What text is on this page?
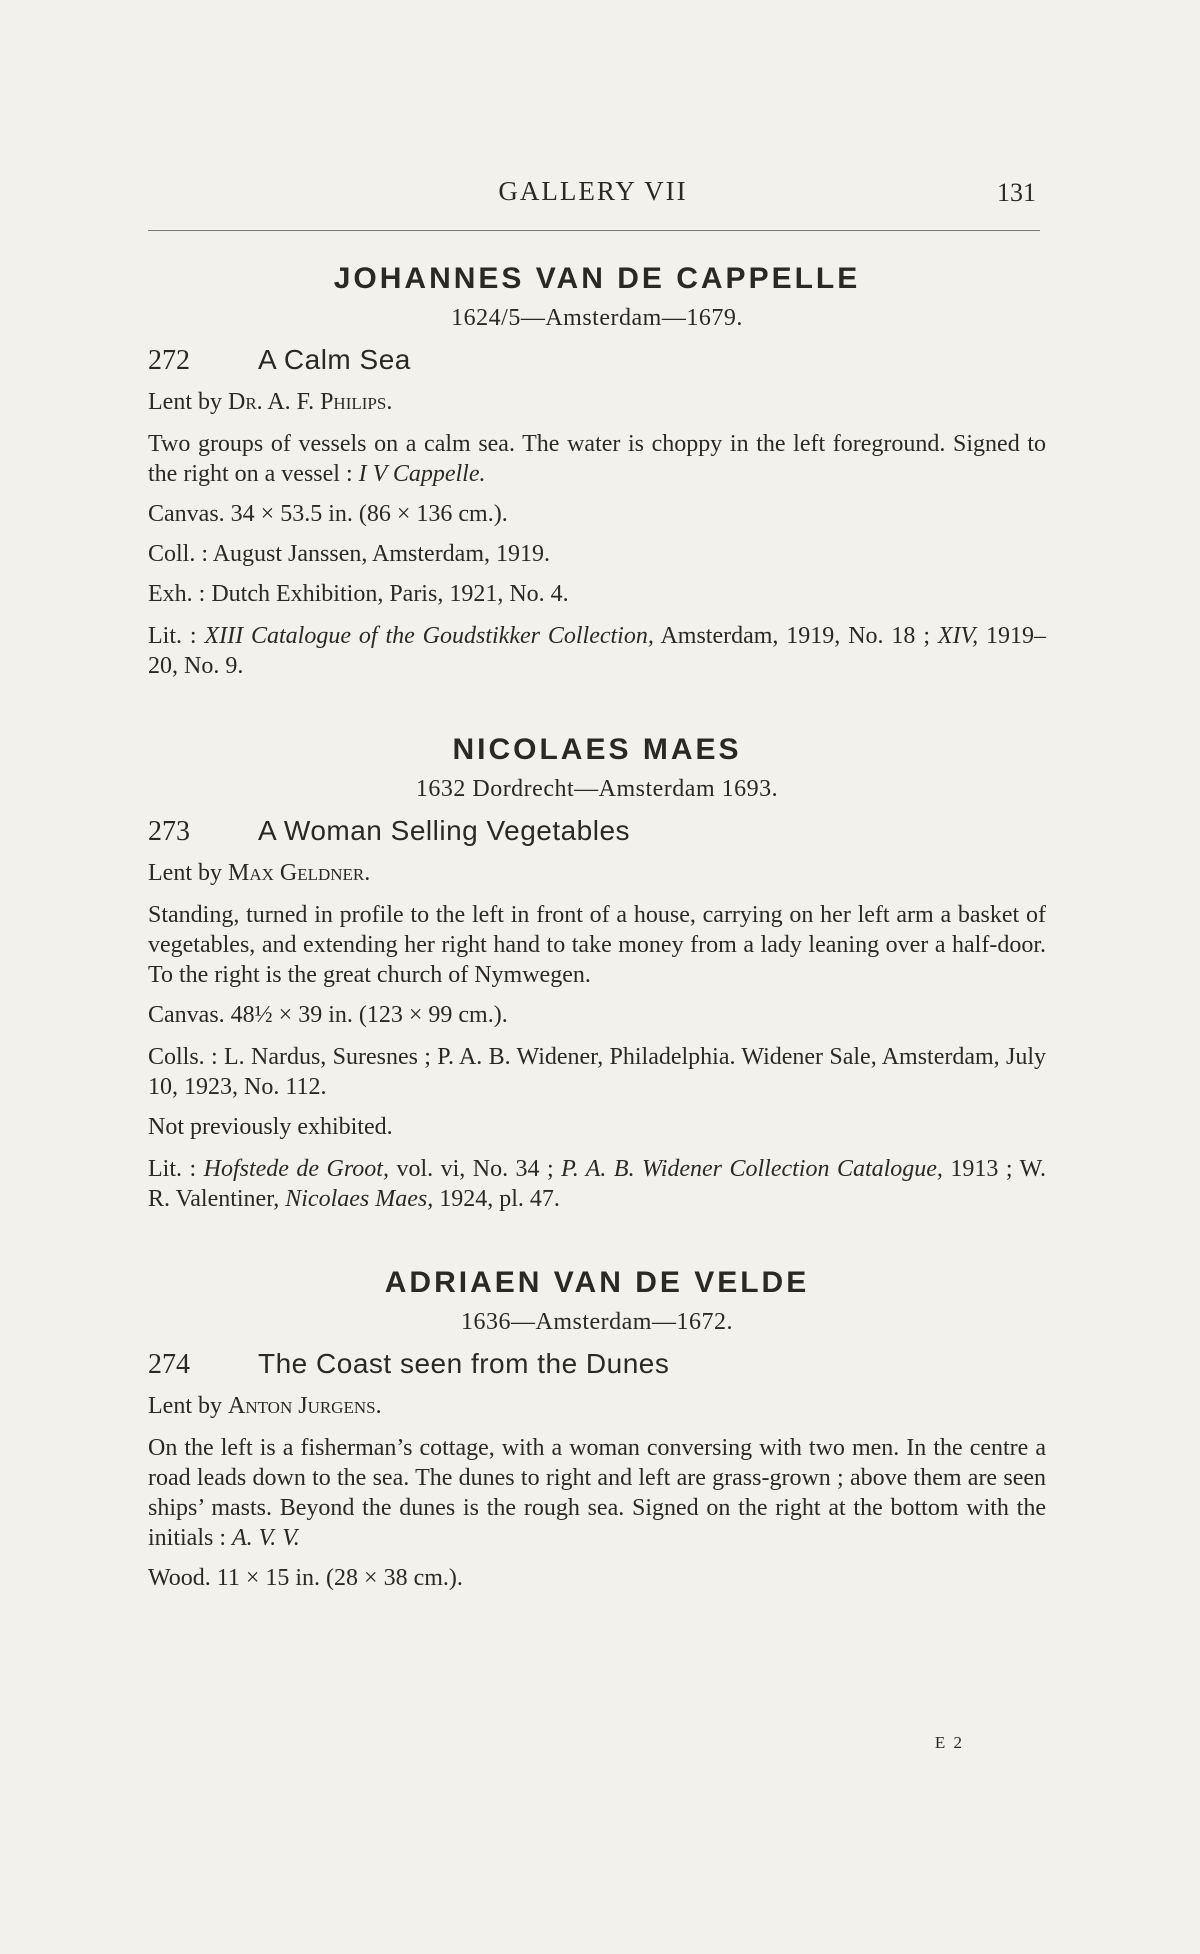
GALLERY VII	131
JOHANNES VAN DE CAPPELLE

1624/5—Amsterdam—1679.

272 A Calm Sea

Lent by Dr. A. F. Philips.

Two groups of vessels on a calm sea. The water is choppy in the left foreground. Signed to the right on a vessel : I V Cappelle.

Canvas. 34 × 53.5 in. (86 × 136 cm.).

Coll. : August Janssen, Amsterdam, 1919.

Exh. : Dutch Exhibition, Paris, 1921, No. 4.

Lit. : XIII Catalogue of the Goudstikker Collection, Amsterdam, 1919, No. 18 ; XIV, 1919–20, No. 9.

NICOLAES MAES

1632 Dordrecht—Amsterdam 1693.

273 A Woman Selling Vegetables

Lent by Max Geldner.

Standing, turned in profile to the left in front of a house, carrying on her left arm a basket of vegetables, and extending her right hand to take money from a lady leaning over a half-door. To the right is the great church of Nymwegen.

Canvas. 48½ × 39 in. (123 × 99 cm.).

Colls. : L. Nardus, Suresnes ; P. A. B. Widener, Philadelphia. Widener Sale, Amsterdam, July 10, 1923, No. 112.

Not previously exhibited.

Lit. : Hofstede de Groot, vol. vi, No. 34 ; P. A. B. Widener Collection Catalogue, 1913 ; W. R. Valentiner, Nicolaes Maes, 1924, pl. 47.

ADRIAEN VAN DE VELDE

1636—Amsterdam—1672.

274 The Coast seen from the Dunes

Lent by Anton Jurgens.

On the left is a fisherman’s cottage, with a woman conversing with two men. In the centre a road leads down to the sea. The dunes to right and left are grass-grown ; above them are seen ships’ masts. Beyond the dunes is the rough sea. Signed on the right at the bottom with the initials : A. V. V.

Wood. 11 × 15 in. (28 × 38 cm.).

E 2
